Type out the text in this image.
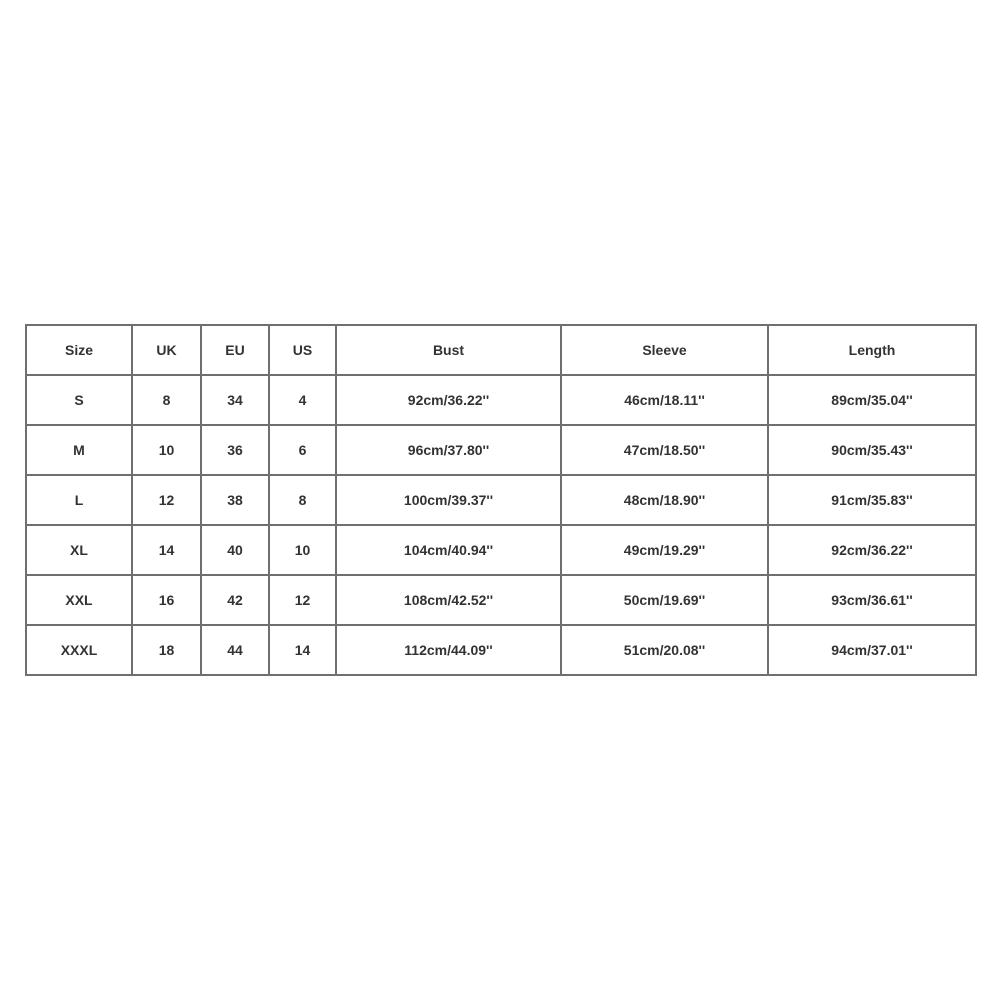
Size	UK	EU	US	Bust	Sleeve	Length
S	8	34	4	92cm/36.22''	46cm/18.11''	89cm/35.04''
M	10	36	6	96cm/37.80''	47cm/18.50''	90cm/35.43''
L	12	38	8	100cm/39.37''	48cm/18.90''	91cm/35.83''
XL	14	40	10	104cm/40.94''	49cm/19.29''	92cm/36.22''
XXL	16	42	12	108cm/42.52''	50cm/19.69''	93cm/36.61''
XXXL	18	44	14	112cm/44.09''	51cm/20.08''	94cm/37.01''
